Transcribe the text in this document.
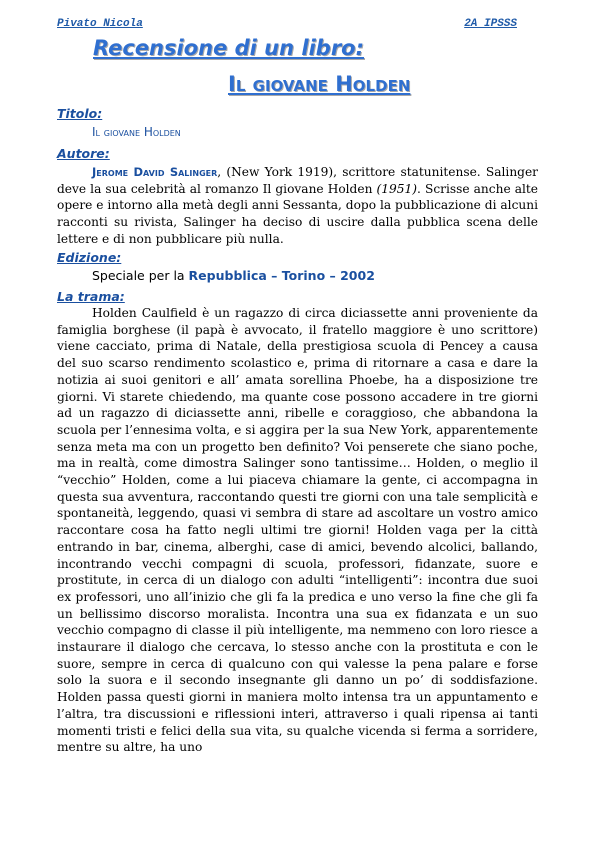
Pivato Nicola	2A IPSSS
Recensione di un libro:
Il giovane Holden
Titolo:
Il giovane Holden
Autore:

Jerome David Salinger, (New York 1919), scrittore statunitense. Salinger deve la sua celebrità al romanzo Il giovane Holden (1951). Scrisse anche alte opere e intorno alla metà degli anni Sessanta, dopo la pubblicazione di alcuni racconti su rivista, Salinger ha deciso di uscire dalla pubblica scena delle lettere e di non pubblicare più nulla.

Edizione:
Speciale per la Repubblica – Torino – 2002
La trama:

Holden Caulfield è un ragazzo di circa diciassette anni proveniente da famiglia borghese (il papà è avvocato, il fratello maggiore è uno scrittore) viene cacciato, prima di Natale, della prestigiosa scuola di Pencey a causa del suo scarso rendimento scolastico e, prima di ritornare a casa e dare la notizia ai suoi genitori e all’ amata sorellina Phoebe, ha a disposizione tre giorni. Vi starete chiedendo, ma quante cose possono accadere in tre giorni ad un ragazzo di diciassette anni, ribelle e coraggioso, che abbandona la scuola per l’ennesima volta, e si aggira per la sua New York, apparentemente senza meta ma con un progetto ben definito? Voi penserete che siano poche, ma in realtà, come dimostra Salinger sono tantissime… Holden, o meglio il “vecchio” Holden, come a lui piaceva chiamare la gente, ci accompagna in questa sua avventura, raccontando questi tre giorni con una tale semplicità e spontaneità, leggendo, quasi vi sembra di stare ad ascoltare un vostro amico raccontare cosa ha fatto negli ultimi tre giorni! Holden vaga per la città entrando in bar, cinema, alberghi, case di amici, bevendo alcolici, ballando, incontrando vecchi compagni di scuola, professori, fidanzate, suore e prostitute, in cerca di un dialogo con adulti “intelligenti”: incontra due suoi ex professori, uno all’inizio che gli fa la predica e uno verso la fine che gli fa un bellissimo discorso moralista. Incontra una sua ex fidanzata e un suo vecchio compagno di classe il più intelligente, ma nemmeno con loro riesce a instaurare il dialogo che cercava, lo stesso anche con la prostituta e con le suore, sempre in cerca di qualcuno con qui valesse la pena palare e forse solo la suora e il secondo insegnante gli danno un po’ di soddisfazione. Holden passa questi giorni in maniera molto intensa tra un appuntamento e l’altra, tra discussioni e riflessioni interi, attraverso i quali ripensa ai tanti momenti tristi e felici della sua vita, su qualche vicenda si ferma a sorridere, mentre su altre, ha uno
